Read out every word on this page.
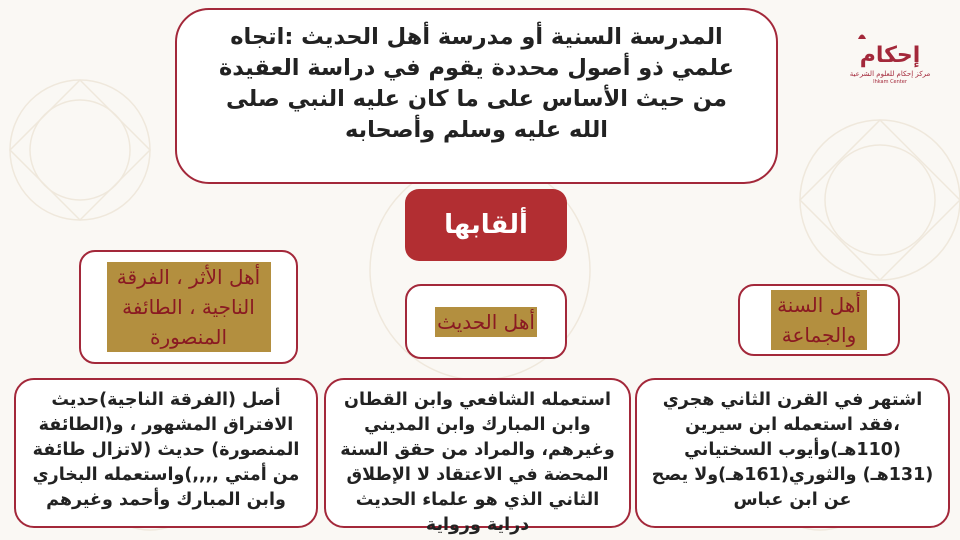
المدرسة السنية أو مدرسة أهل الحديث :اتجاه علمي ذو أصول محددة يقوم في دراسة العقيدة من حيث الأساس على ما كان عليه النبي صلى الله عليه وسلم وأصحابه
ألقابها
أهل الأثر ، الفرقة الناجية ، الطائفة المنصورة
أهل الحديث
أهل السنة والجماعة
أصل (الفرقة الناجية)حديث الافتراق المشهور ، و(الطائفة المنصورة) حديث (لاتزال طائفة من أمتي ,,,,)واستعمله البخاري وابن المبارك وأحمد وغيرهم
استعمله الشافعي وابن القطان وابن المبارك وابن المديني وغيرهم، والمراد من حقق السنة المحضة في الاعتقاد لا الإطلاق الثاني الذي هو علماء الحديث دراية ورواية
اشتهر في القرن الثاني هجري ،فقد استعمله ابن سيرين (110هـ)وأيوب السختياني (131هـ) والثوري(161هـ)ولا يصح عن ابن عباس
إحكام
مركز إحكام للعلوم الشرعية
Ihkam Center
